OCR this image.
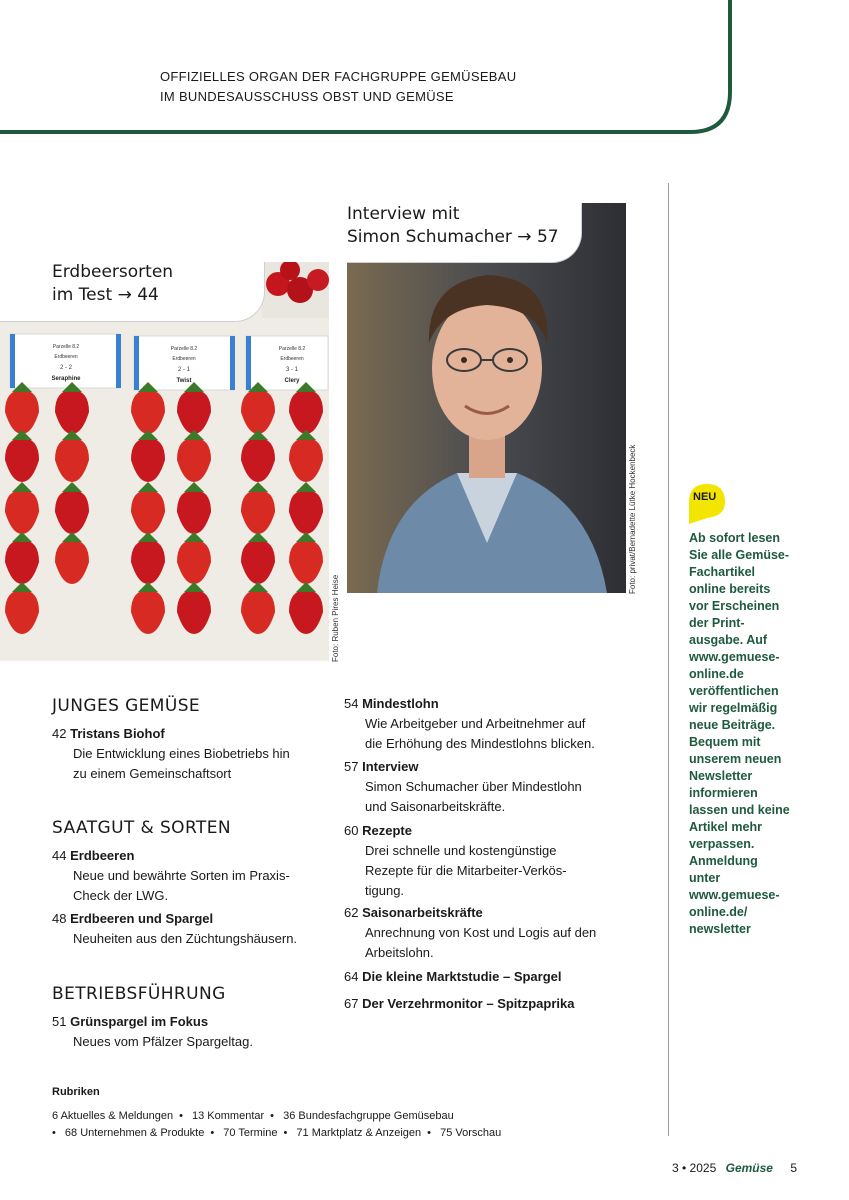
OFFIZIELLES ORGAN DER FACHGRUPPE GEMÜSEBAU
IM BUNDESAUSSCHUSS OBST UND GEMÜSE
Parzelle 8.2
Erdbeeren
2 - 2
Seraphine
Parzelle 8.2
Erdbeeren
2 - 1
Twist
Parzelle 8.2
Erdbeeren
3 - 1
Clery
Erdbeersorten
im Test → 44
Foto: Ruben Pires Heise
Interview mit
Simon Schumacher → 57
Foto: privat/Bernadette Lütke Hockenbeck
JUNGES GEMÜSE
42 Tristans Biohof
Die Entwicklung eines Biobetriebs hin
zu einem Gemeinschaftsort
SAATGUT & SORTEN
44 Erdbeeren
Neue und bewährte Sorten im Praxis-
Check der LWG.
48 Erdbeeren und Spargel
Neuheiten aus den Züchtungshäusern.
BETRIEBSFÜHRUNG
51 Grünspargel im Fokus
Neues vom Pfälzer Spargeltag.
54 Mindestlohn
Wie Arbeitgeber und Arbeitnehmer auf
die Erhöhung des Mindestlohns blicken.
57 Interview
Simon Schumacher über Mindestlohn
und Saisonarbeitskräfte.
60 Rezepte
Drei schnelle und kostengünstige
Rezepte für die Mitarbeiter-Verkös-
tigung.
62 Saisonarbeitskräfte
Anrechnung von Kost und Logis auf den
Arbeitslohn.
64 Die kleine Marktstudie – Spargel
67 Der Verzehrmonitor – Spitzpaprika
NEU
Ab sofort lesen
Sie alle Gemüse-
Fachartikel
online bereits
vor Erscheinen
der Print-
ausgabe. Auf
www.gemuese-
online.de
veröffentlichen
wir regelmäßig
neue Beiträge.
Bequem mit
unserem neuen
Newsletter
informieren
lassen und keine
Artikel mehr
verpassen.
Anmeldung
unter
www.gemuese-
online.de/
newsletter
Rubriken
6 Aktuelles & Meldungen • 13 Kommentar • 36 Bundesfachgruppe Gemüsebau
• 68 Unternehmen & Produkte • 70 Termine • 71 Marktplatz & Anzeigen • 75 Vorschau
3 • 2025 Gemüse 5
